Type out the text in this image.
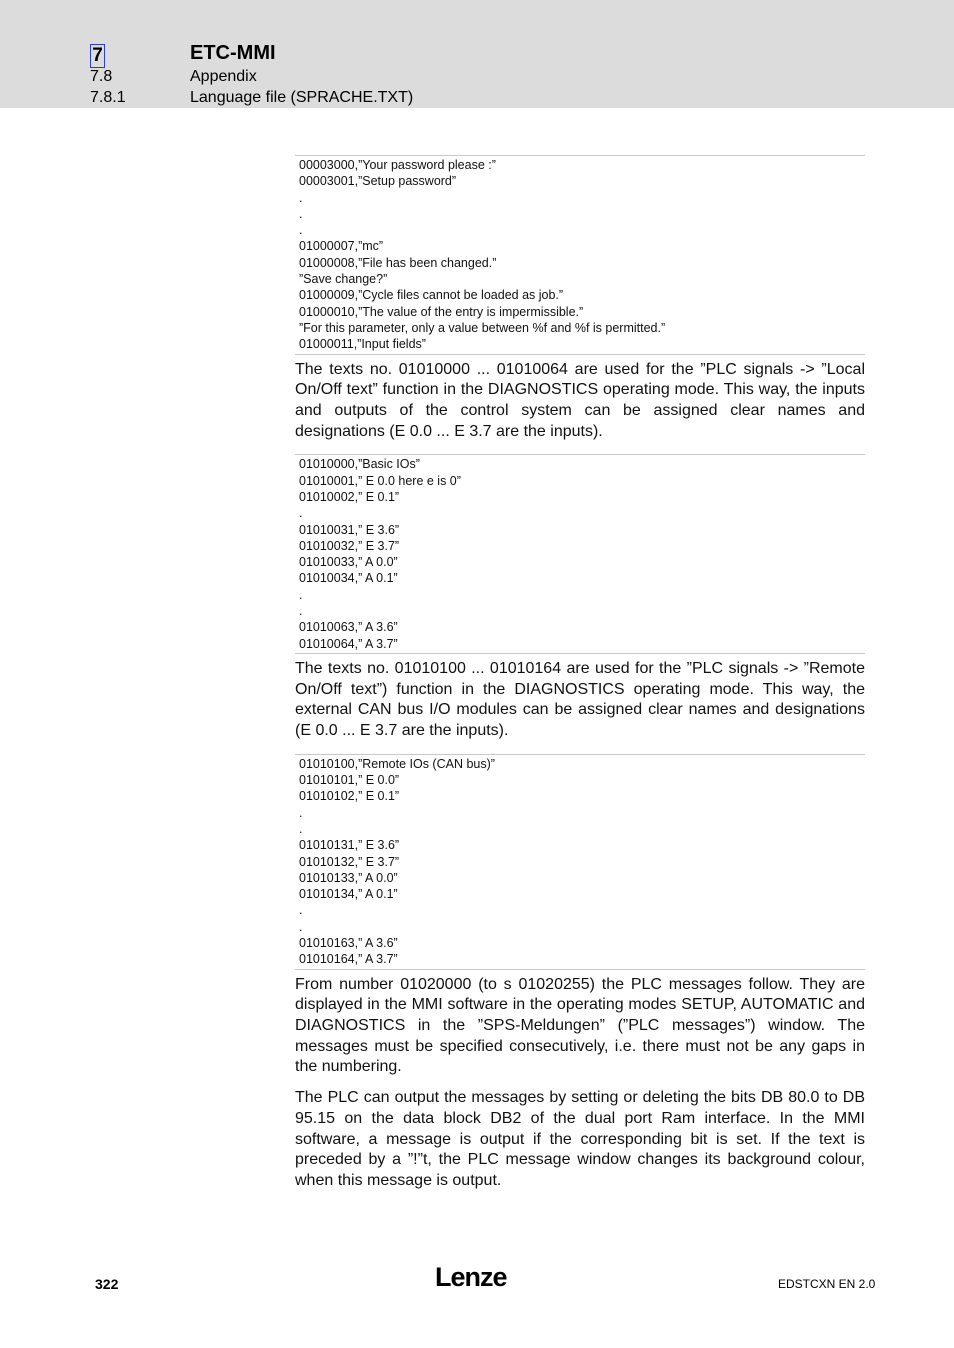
7	ETC-MMI
7.8	Appendix
7.8.1	Language file (SPRACHE.TXT)
00003000,”Your password please :”
00003001,”Setup password”
.
.
.
01000007,”mc”
01000008,”File has been changed.”
”Save change?”
01000009,”Cycle files cannot be loaded as job.”
01000010,”The value of the entry is impermissible.”
”For this parameter, only a value between %f and %f is permitted.”
01000011,”Input fields”

The texts no. 01010000 ... 01010064 are used for the ”PLC signals -> ”Local On/Off text” function in the DIAGNOSTICS operating mode. This way, the inputs and outputs of the control system can be assigned clear names and designations (E 0.0 ... E 3.7 are the inputs).

01010000,”Basic IOs”
01010001,” E 0.0 here e is 0”
01010002,” E 0.1”
.
01010031,” E 3.6”
01010032,” E 3.7”
01010033,” A 0.0”
01010034,” A 0.1”
.
.
01010063,” A 3.6”
01010064,” A 3.7”

The texts no. 01010100 ... 01010164 are used for the ”PLC signals -> ”Remote On/Off text”) function in the DIAGNOSTICS operating mode. This way, the external CAN bus I/O modules can be assigned clear names and designations (E 0.0 ... E 3.7 are the inputs).

01010100,”Remote IOs (CAN bus)”
01010101,” E 0.0”
01010102,” E 0.1”
.
.
01010131,” E 3.6”
01010132,” E 3.7”
01010133,” A 0.0”
01010134,” A 0.1”
.
.
01010163,” A 3.6”
01010164,” A 3.7”

From number 01020000 (to s 01020255) the PLC messages follow. They are displayed in the MMI software in the operating modes SETUP, AUTOMATIC and DIAGNOSTICS in the ”SPS-Meldungen” (”PLC messages”) window. The messages must be specified consecutively, i.e. there must not be any gaps in the numbering.

The PLC can output the messages by setting or deleting the bits DB 80.0 to DB 95.15 on the data block DB2 of the dual port Ram interface. In the MMI software, a message is output if the corresponding bit is set. If the text is preceded by a ”!”t, the PLC message window changes its background colour, when this message is output.

322	Lenze	EDSTCXN EN 2.0
